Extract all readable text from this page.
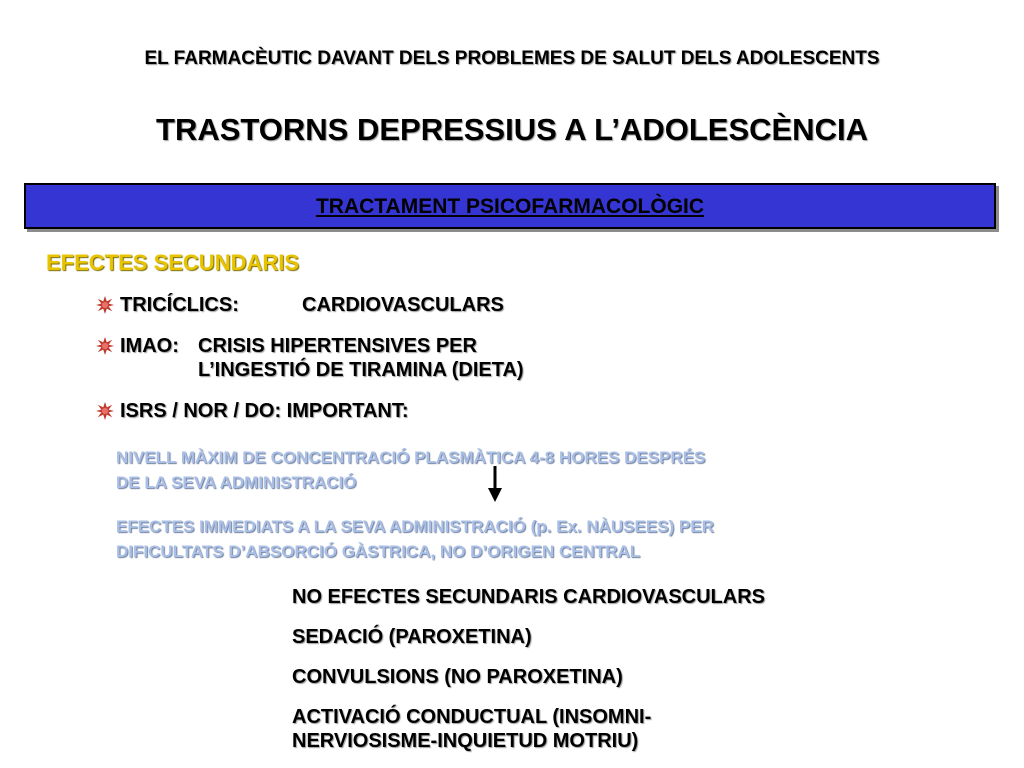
EL FARMACÈUTIC DAVANT DELS PROBLEMES DE SALUT DELS ADOLESCENTS
TRASTORNS DEPRESSIUS A L’ADOLESCÈNCIA
TRACTAMENT PSICOFARMACOLÒGIC
EFECTES SECUNDARIS
TRICÍCLICS:	CARDIOVASCULARS
IMAO: CRISIS HIPERTENSIVES PER
L’INGESTIÓ DE TIRAMINA (DIETA)
ISRS / NOR / DO: IMPORTANT:
NIVELL MÀXIM DE CONCENTRACIÓ PLASMÀTICA 4-8 HORES DESPRÉS
DE LA SEVA ADMINISTRACIÓ
EFECTES IMMEDIATS A LA SEVA ADMINISTRACIÓ (p. Ex. NÀUSEES) PER
DIFICULTATS D’ABSORCIÓ GÀSTRICA, NO D’ORIGEN CENTRAL
NO EFECTES SECUNDARIS CARDIOVASCULARS
SEDACIÓ (PAROXETINA)
CONVULSIONS (NO PAROXETINA)
ACTIVACIÓ CONDUCTUAL (INSOMNI-
NERVIOSISME-INQUIETUD MOTRIU)
